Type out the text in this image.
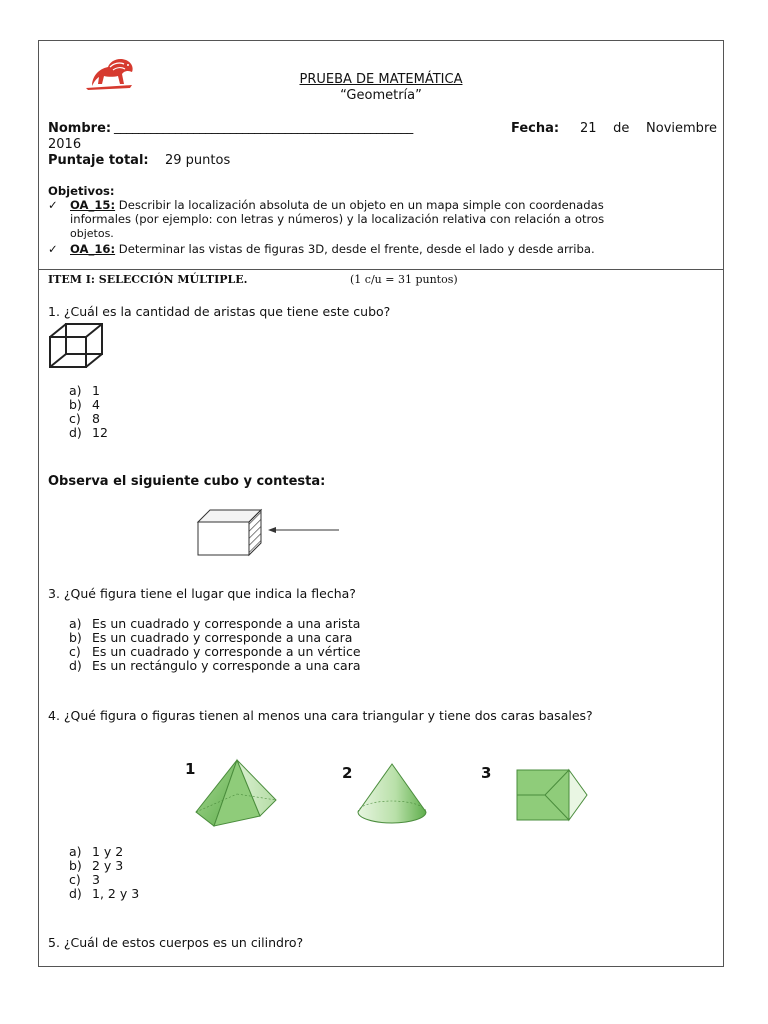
PRUEBA DE MATEMÁTICA
“Geometría”
Nombre: _________________________________________________	Fecha: 21 de Noviembre
2016
Puntaje total: 29 puntos
Objetivos:
✓ OA_15: Describir la localización absoluta de un objeto en un mapa simple con coordenadas
informales (por ejemplo: con letras y números) y la localización relativa con relación a otros
objetos.
✓ OA_16: Determinar las vistas de figuras 3D, desde el frente, desde el lado y desde arriba.
ITEM I: SELECCIÓN MÚLTIPLE.	(1 c/u = 31 puntos)
1. ¿Cuál es la cantidad de aristas que tiene este cubo?
a) 1
b) 4
c) 8
d) 12
Observa el siguiente cubo y contesta:
3. ¿Qué figura tiene el lugar que indica la flecha?
a) Es un cuadrado y corresponde a una arista
b) Es un cuadrado y corresponde a una cara
c) Es un cuadrado y corresponde a un vértice
d) Es un rectángulo y corresponde a una cara
4. ¿Qué figura o figuras tienen al menos una cara triangular y tiene dos caras basales?
1	2	3
a) 1 y 2
b) 2 y 3
c) 3
d) 1, 2 y 3
5. ¿Cuál de estos cuerpos es un cilindro?
